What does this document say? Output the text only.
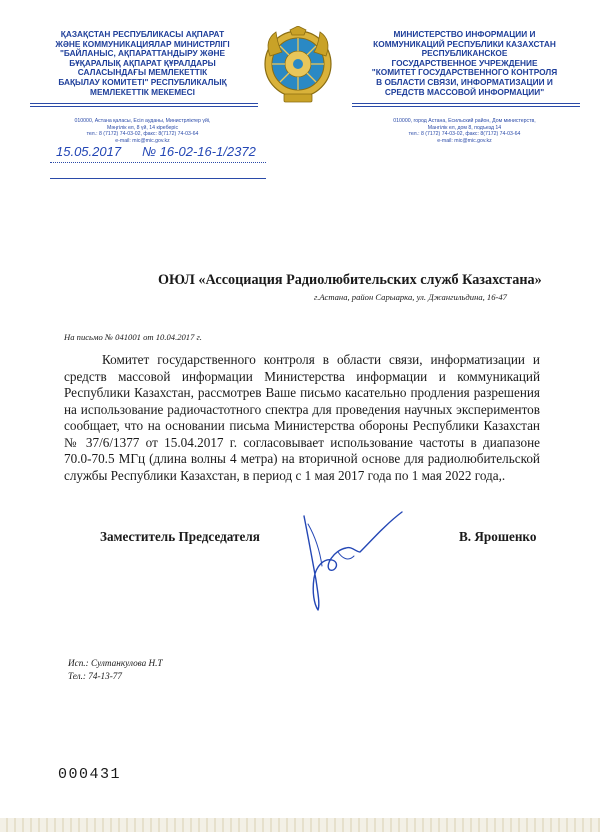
ҚАЗАҚСТАН РЕСПУБЛИКАСЫ АҚПАРАТ
ЖӘНЕ КОММУНИКАЦИЯЛАР МИНИСТРЛІГІ
"БАЙЛАНЫС, АҚПАРАТТАНДЫРУ ЖӘНЕ
БҰҚАРАЛЫҚ АҚПАРАТ ҚҰРАЛДАРЫ
САЛАСЫНДАҒЫ МЕМЛЕКЕТТІК
БАҚЫЛАУ КОМИТЕТІ" РЕСПУБЛИКАЛЫҚ
МЕМЛЕКЕТТІК МЕКЕМЕСІ
МИНИСТЕРСТВО ИНФОРМАЦИИ И
КОММУНИКАЦИЙ РЕСПУБЛИКИ КАЗАХСТАН
РЕСПУБЛИКАНСКОЕ
ГОСУДАРСТВЕННОЕ УЧРЕЖДЕНИЕ
"КОМИТЕТ ГОСУДАРСТВЕННОГО КОНТРОЛЯ
В ОБЛАСТИ СВЯЗИ, ИНФОРМАТИЗАЦИИ И
СРЕДСТВ МАССОВОЙ ИНФОРМАЦИИ"
010000, Астана қаласы, Есіл ауданы, Министрліктер үйі,
Мәңгілік ел, 8 үй, 14 кіреберіс
тел.: 8 (7172) 74-03-02, факс: 8(7172) 74-03-64
e-mail: mic@mic.gov.kz
010000, город Астана, Есильский район, Дом министерств,
Мангілік ел, дом 8, подъезд 14
тел.: 8 (7172) 74-03-02, факс: 8(7172) 74-03-64
e-mail: mic@mic.gov.kz
15.05.2017 № 16-02-16-1/2372
ОЮЛ «Ассоциация Радиолюбительских служб Казахстана»
г.Астана, район Сарыарка, ул. Джангильдина, 16-47
На письмо № 041001 от 10.04.2017 г.
Комитет государственного контроля в области связи, информатизации и средств массовой информации Министерства информации и коммуникаций Республики Казахстан, рассмотрев Ваше письмо касательно продления разрешения на использование радиочастотного спектра для проведения научных экспериментов сообщает, что на основании письма Министерства обороны Республики Казахстан № 37/6/1377 от 15.04.2017 г. согласовывает использование частоты в диапазоне 70.0-70.5 МГц (длина волны 4 метра) на вторичной основе для радиолюбительской службы Республики Казахстан, в период с 1 мая 2017 года по 1 мая 2022 года,.
Заместитель Председателя	В. Ярошенко
Исп.: Султанкулова Н.Т
Тел.: 74-13-77
000431
